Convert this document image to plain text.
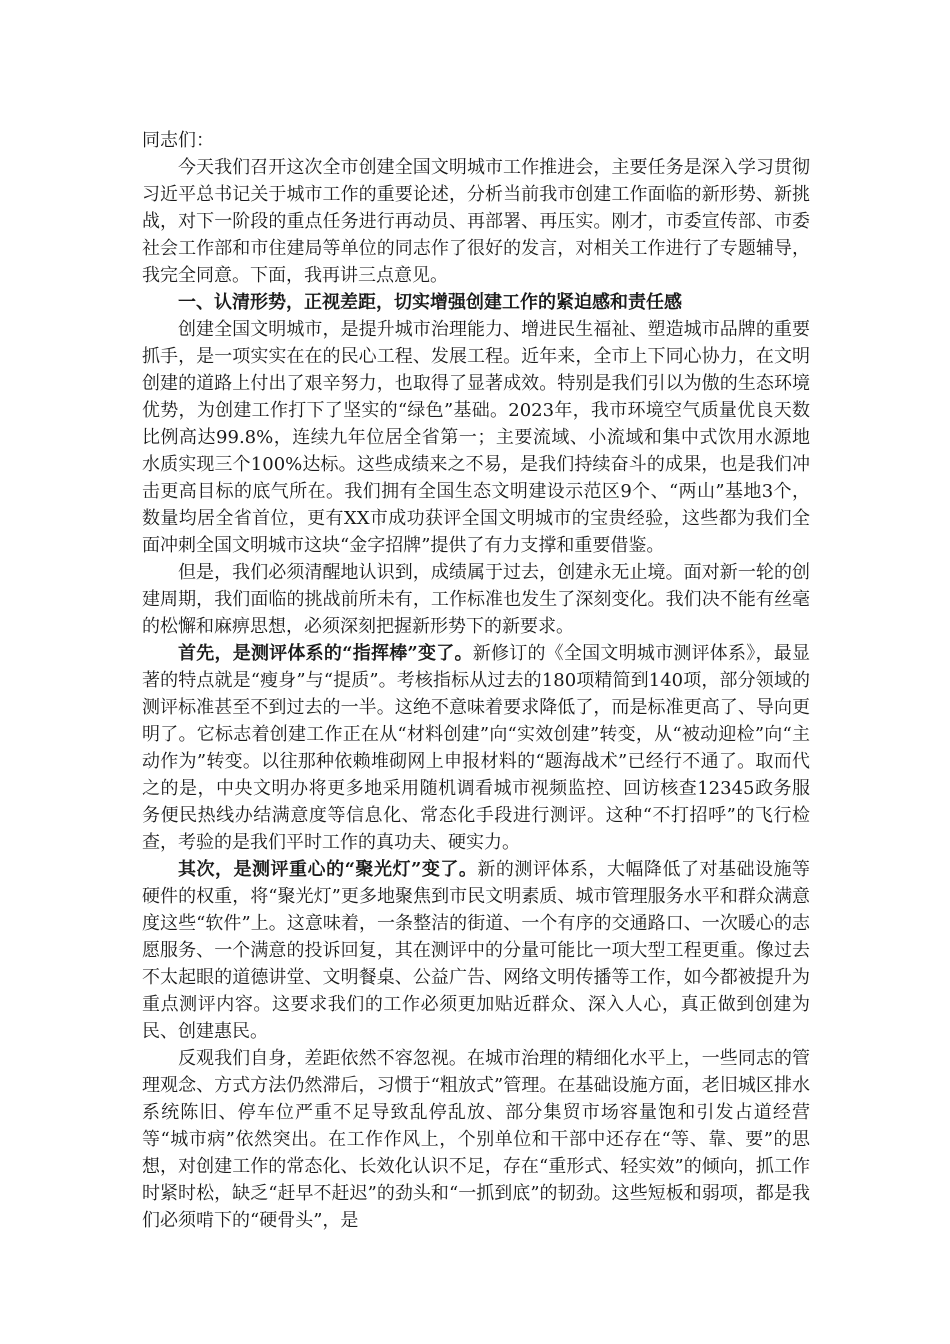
同志们：

今天我们召开这次全市创建全国文明城市工作推进会，主要任务是深入学习贯彻习近平总书记关于城市工作的重要论述，分析当前我市创建工作面临的新形势、新挑战，对下一阶段的重点任务进行再动员、再部署、再压实。刚才，市委宣传部、市委社会工作部和市住建局等单位的同志作了很好的发言，对相关工作进行了专题辅导，我完全同意。下面，我再讲三点意见。

一、认清形势，正视差距，切实增强创建工作的紧迫感和责任感

创建全国文明城市，是提升城市治理能力、增进民生福祉、塑造城市品牌的重要抓手，是一项实实在在的民心工程、发展工程。近年来，全市上下同心协力，在文明创建的道路上付出了艰辛努力，也取得了显著成效。特别是我们引以为傲的生态环境优势，为创建工作打下了坚实的“绿色”基础。2023年，我市环境空气质量优良天数比例高达99.8%，连续九年位居全省第一；主要流域、小流域和集中式饮用水源地水质实现三个100%达标。这些成绩来之不易，是我们持续奋斗的成果，也是我们冲击更高目标的底气所在。我们拥有全国生态文明建设示范区9个、“两山”基地3个，数量均居全省首位，更有XX市成功获评全国文明城市的宝贵经验，这些都为我们全面冲刺全国文明城市这块“金字招牌”提供了有力支撑和重要借鉴。

但是，我们必须清醒地认识到，成绩属于过去，创建永无止境。面对新一轮的创建周期，我们面临的挑战前所未有，工作标准也发生了深刻变化。我们决不能有丝毫的松懈和麻痹思想，必须深刻把握新形势下的新要求。

首先，是测评体系的“指挥棒”变了。新修订的《全国文明城市测评体系》，最显著的特点就是“瘦身”与“提质”。考核指标从过去的180项精简到140项，部分领域的测评标准甚至不到过去的一半。这绝不意味着要求降低了，而是标准更高了、导向更明了。它标志着创建工作正在从“材料创建”向“实效创建”转变，从“被动迎检”向“主动作为”转变。以往那种依赖堆砌网上申报材料的“题海战术”已经行不通了。取而代之的是，中央文明办将更多地采用随机调看城市视频监控、回访核查12345政务服务便民热线办结满意度等信息化、常态化手段进行测评。这种“不打招呼”的飞行检查，考验的是我们平时工作的真功夫、硬实力。

其次，是测评重心的“聚光灯”变了。新的测评体系，大幅降低了对基础设施等硬件的权重，将“聚光灯”更多地聚焦到市民文明素质、城市管理服务水平和群众满意度这些“软件”上。这意味着，一条整洁的街道、一个有序的交通路口、一次暖心的志愿服务、一个满意的投诉回复，其在测评中的分量可能比一项大型工程更重。像过去不太起眼的道德讲堂、文明餐桌、公益广告、网络文明传播等工作，如今都被提升为重点测评内容。这要求我们的工作必须更加贴近群众、深入人心，真正做到创建为民、创建惠民。

反观我们自身，差距依然不容忽视。在城市治理的精细化水平上，一些同志的管理观念、方式方法仍然滞后，习惯于“粗放式”管理。在基础设施方面，老旧城区排水系统陈旧、停车位严重不足导致乱停乱放、部分集贸市场容量饱和引发占道经营等“城市病”依然突出。在工作作风上，个别单位和干部中还存在“等、靠、要”的思想，对创建工作的常态化、长效化认识不足，存在“重形式、轻实效”的倾向，抓工作时紧时松，缺乏“赶早不赶迟”的劲头和“一抓到底”的韧劲。这些短板和弱项，都是我们必须啃下的“硬骨头”，是
